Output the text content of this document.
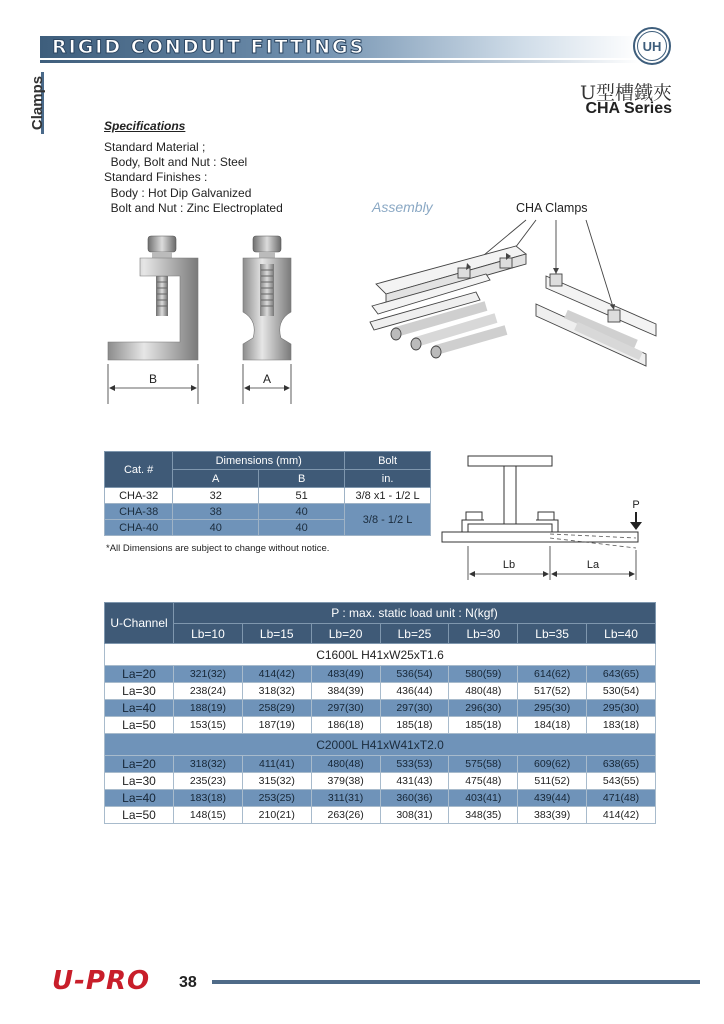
RIGID CONDUIT FITTINGS	UH
Clamps	U型槽鐵夾
CHA Series
Specifications
Standard Material ;
Body, Bolt and Nut : Steel
Standard Finishes :
Body : Hot Dip Galvanized
Bolt and Nut : Zinc Electroplated
B	A
Assembly	CHA Clamps
Cat. #	Dimensions (mm)		Bolt
	A	B	in.
CHA-32	32	51	3/8 x1 - 1/2 L
CHA-38	38	40	3/8 - 1/2 L
CHA-40	40	40	
*All Dimensions are subject to change without notice.
P
Lb	La
U-Channel	P : max. static load unit : N(kgf)						
	Lb=10	Lb=15	Lb=20	Lb=25	Lb=30	Lb=35	Lb=40
C1600L H41xW25xT1.6							
La=20	321(32)	414(42)	483(49)	536(54)	580(59)	614(62)	643(65)
La=30	238(24)	318(32)	384(39)	436(44)	480(48)	517(52)	530(54)
La=40	188(19)	258(29)	297(30)	297(30)	296(30)	295(30)	295(30)
La=50	153(15)	187(19)	186(18)	185(18)	185(18)	184(18)	183(18)
C2000L H41xW41xT2.0							
La=20	318(32)	411(41)	480(48)	533(53)	575(58)	609(62)	638(65)
La=30	235(23)	315(32)	379(38)	431(43)	475(48)	511(52)	543(55)
La=40	183(18)	253(25)	311(31)	360(36)	403(41)	439(44)	471(48)
La=50	148(15)	210(21)	263(26)	308(31)	348(35)	383(39)	414(42)
U-PRO 38
